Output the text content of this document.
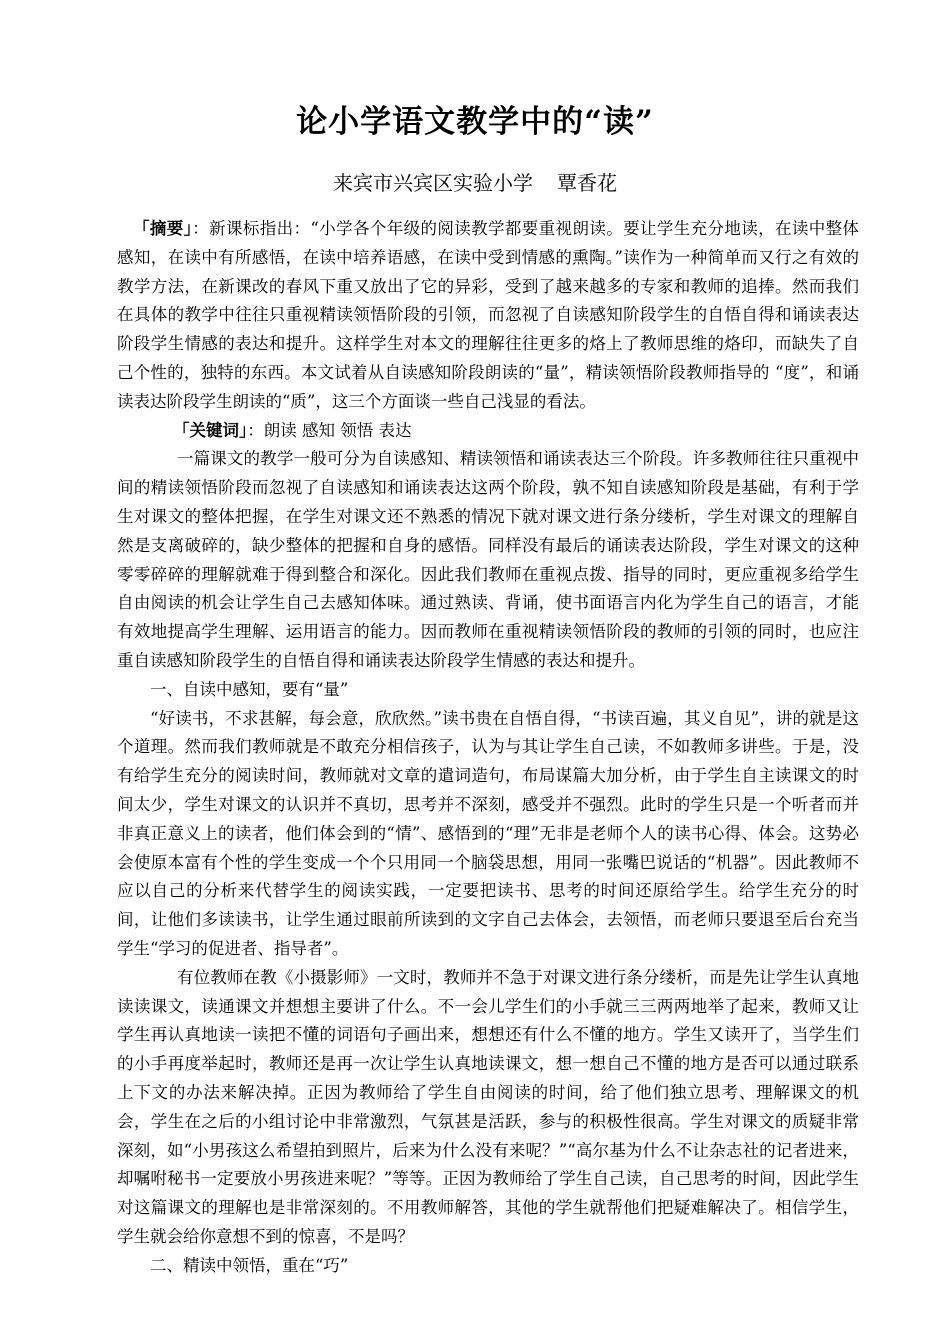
论小学语文教学中的“读”
来宾市兴宾区实验小学 覃香花

「摘要」：新课标指出：“小学各个年级的阅读教学都要重视朗读。要让学生充分地读，在读中整体感知，在读中有所感悟，在读中培养语感，在读中受到情感的熏陶。”读作为一种简单而又行之有效的教学方法，在新课改的春风下重又放出了它的异彩，受到了越来越多的专家和教师的追捧。然而我们在具体的教学中往往只重视精读领悟阶段的引领，而忽视了自读感知阶段学生的自悟自得和诵读表达阶段学生情感的表达和提升。这样学生对本文的理解往往更多的烙上了教师思维的烙印，而缺失了自己个性的，独特的东西。本文试着从自读感知阶段朗读的“量”，精读领悟阶段教师指导的 “度”，和诵读表达阶段学生朗读的“质”，这三个方面谈一些自己浅显的看法。

「关键词」：朗读 感知 领悟 表达

一篇课文的教学一般可分为自读感知、精读领悟和诵读表达三个阶段。许多教师往往只重视中间的精读领悟阶段而忽视了自读感知和诵读表达这两个阶段，孰不知自读感知阶段是基础，有利于学生对课文的整体把握，在学生对课文还不熟悉的情况下就对课文进行条分缕析，学生对课文的理解自然是支离破碎的，缺少整体的把握和自身的感悟。同样没有最后的诵读表达阶段，学生对课文的这种零零碎碎的理解就难于得到整合和深化。因此我们教师在重视点拨、指导的同时，更应重视多给学生自由阅读的机会让学生自己去感知体味。通过熟读、背诵，使书面语言内化为学生自己的语言，才能有效地提高学生理解、运用语言的能力。因而教师在重视精读领悟阶段的教师的引领的同时，也应注重自读感知阶段学生的自悟自得和诵读表达阶段学生情感的表达和提升。

一、自读中感知，要有“量”

“好读书，不求甚解，每会意，欣欣然。”读书贵在自悟自得，“书读百遍，其义自见”，讲的就是这个道理。然而我们教师就是不敢充分相信孩子，认为与其让学生自己读，不如教师多讲些。于是，没有给学生充分的阅读时间，教师就对文章的遣词造句，布局谋篇大加分析，由于学生自主读课文的时间太少，学生对课文的认识并不真切，思考并不深刻，感受并不强烈。此时的学生只是一个听者而并非真正意义上的读者，他们体会到的“情”、感悟到的“理”无非是老师个人的读书心得、体会。这势必会使原本富有个性的学生变成一个个只用同一个脑袋思想，用同一张嘴巴说话的“机器”。因此教师不应以自己的分析来代替学生的阅读实践，一定要把读书、思考的时间还原给学生。给学生充分的时间，让他们多读读书，让学生通过眼前所读到的文字自己去体会，去领悟，而老师只要退至后台充当学生“学习的促进者、指导者”。

有位教师在教《小摄影师》一文时，教师并不急于对课文进行条分缕析，而是先让学生认真地读读课文，读通课文并想想主要讲了什么。不一会儿学生们的小手就三三两两地举了起来，教师又让学生再认真地读一读把不懂的词语句子画出来，想想还有什么不懂的地方。学生又读开了，当学生们的小手再度举起时，教师还是再一次让学生认真地读课文，想一想自己不懂的地方是否可以通过联系上下文的办法来解决掉。正因为教师给了学生自由阅读的时间，给了他们独立思考、理解课文的机会，学生在之后的小组讨论中非常激烈，气氛甚是活跃，参与的积极性很高。学生对课文的质疑非常深刻，如“小男孩这么希望拍到照片，后来为什么没有来呢？”“高尔基为什么不让杂志社的记者进来，却嘱咐秘书一定要放小男孩进来呢？”等等。正因为教师给了学生自己读，自己思考的时间，因此学生对这篇课文的理解也是非常深刻的。不用教师解答，其他的学生就帮他们把疑难解决了。相信学生，学生就会给你意想不到的惊喜，不是吗？

二、精读中领悟，重在“巧”
